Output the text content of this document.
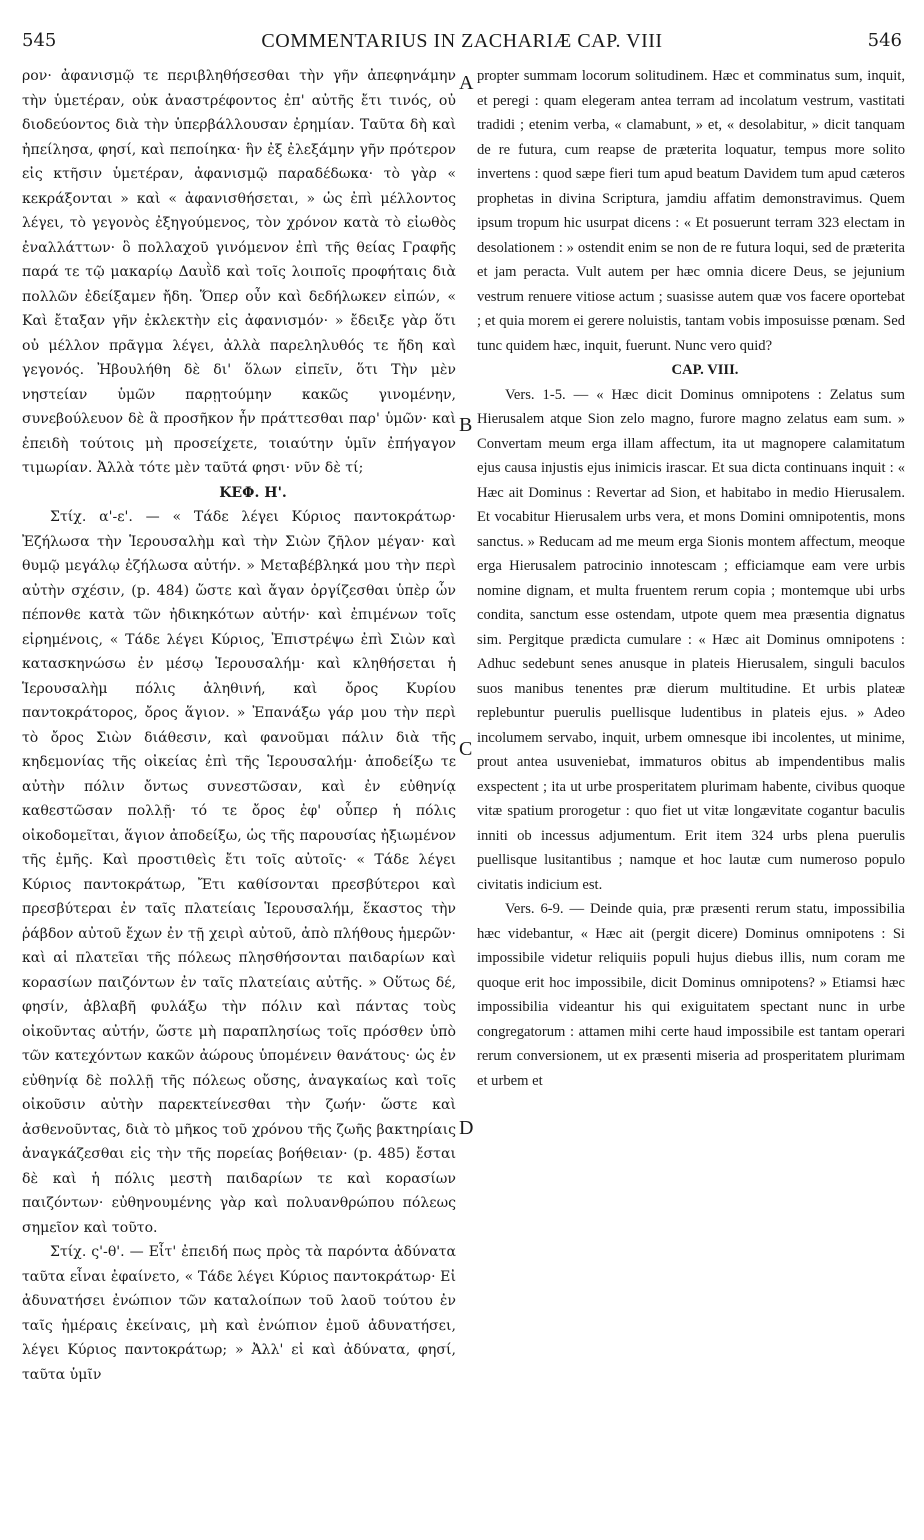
545	COMMENTARIUS IN ZACHARIÆ CAP. VIII	546

ρον· ἀφανισμῷ τε περιβληθήσεσθαι τὴν γῆν ἀπεφηνάμην τὴν ὑμετέραν, οὐκ ἀναστρέφοντος ἐπ' αὐτῆς ἔτι τινός, οὐ διοδεύοντος διὰ τὴν ὑπερβάλλουσαν ἐρημίαν. Ταῦτα δὴ καὶ ἠπείλησα, φησί, καὶ πεποίηκα· ἣν ἐξ ἐλεξάμην γῆν πρότερον εἰς κτῆσιν ὑμετέραν, ἀφανισμῷ παραδέδωκα· τὸ γὰρ « κεκράξονται » καὶ « ἀφανισθήσεται, » ὡς ἐπὶ μέλλοντος λέγει, τὸ γεγονὸς ἐξηγούμενος, τὸν χρόνον κατὰ τὸ εἰωθὸς ἐναλλάττων· ὃ πολλαχοῦ γινόμενον ἐπὶ τῆς θείας Γραφῆς παρά τε τῷ μακαρίῳ Δαυῒδ καὶ τοῖς λοιποῖς προφήταις διὰ πολλῶν ἐδείξαμεν ἤδη. Ὅπερ οὖν καὶ δεδήλωκεν εἰπών, « Καὶ ἔταξαν γῆν ἐκλεκτὴν εἰς ἀφανισμόν· » ἔδειξε γὰρ ὅτι οὐ μέλλον πρᾶγμα λέγει, ἀλλὰ παρεληλυθός τε ἤδη καὶ γεγονός. Ἠβουλήθη δὲ δι' ὅλων εἰπεῖν, ὅτι Τὴν μὲν νηστείαν ὑμῶν παρῃτούμην κακῶς γινομένην, συνεβούλευον δὲ ἃ προσῆκον ἦν πράττεσθαι παρ' ὑμῶν· καὶ ἐπειδὴ τούτοις μὴ προσείχετε, τοιαύτην ὑμῖν ἐπήγαγον τιμωρίαν. Ἀλλὰ τότε μὲν ταῦτά φησι· νῦν δὲ τί;

ΚΕΦ. Η'.

Στίχ. α'-ε'. — « Τάδε λέγει Κύριος παντοκράτωρ· Ἐζήλωσα τὴν Ἱερουσαλὴμ καὶ τὴν Σιὼν ζῆλον μέγαν· καὶ θυμῷ μεγάλῳ ἐζήλωσα αὐτήν. » Μεταβέβληκά μου τὴν περὶ αὐτὴν σχέσιν, (p. 484) ὥστε καὶ ἄγαν ὀργίζεσθαι ὑπὲρ ὧν πέπονθε κατὰ τῶν ἠδικηκότων αὐτήν· καὶ ἐπιμένων τοῖς εἰρημένοις, « Τάδε λέγει Κύριος, Ἐπιστρέψω ἐπὶ Σιὼν καὶ κατασκηνώσω ἐν μέσῳ Ἱερουσαλήμ· καὶ κληθήσεται ἡ Ἱερουσαλὴμ πόλις ἀληθινή, καὶ ὄρος Κυρίου παντοκράτορος, ὄρος ἅγιον. » Ἐπανάξω γάρ μου τὴν περὶ τὸ ὄρος Σιὼν διάθεσιν, καὶ φανοῦμαι πάλιν διὰ τῆς κηδεμονίας τῆς οἰκείας ἐπὶ τῆς Ἱερουσαλήμ· ἀποδείξω τε αὐτὴν πόλιν ὄντως συνεστῶσαν, καὶ ἐν εὐθηνίᾳ καθεστῶσαν πολλῇ· τό τε ὄρος ἐφ' οὗπερ ἡ πόλις οἰκοδομεῖται, ἅγιον ἀποδείξω, ὡς τῆς παρουσίας ἠξιωμένον τῆς ἐμῆς. Καὶ προστιθεὶς ἔτι τοῖς αὐτοῖς· « Τάδε λέγει Κύριος παντοκράτωρ, Ἔτι καθίσονται πρεσβύτεροι καὶ πρεσβύτεραι ἐν ταῖς πλατείαις Ἱερουσαλήμ, ἕκαστος τὴν ῥάβδον αὐτοῦ ἔχων ἐν τῇ χειρὶ αὐτοῦ, ἀπὸ πλήθους ἡμερῶν· καὶ αἱ πλατεῖαι τῆς πόλεως πλησθήσονται παιδαρίων καὶ κορασίων παιζόντων ἐν ταῖς πλατείαις αὐτῆς. » Οὕτως δέ, φησίν, ἀβλαβῆ φυλάξω τὴν πόλιν καὶ πάντας τοὺς οἰκοῦντας αὐτήν, ὥστε μὴ παραπλησίως τοῖς πρόσθεν ὑπὸ τῶν κατεχόντων κακῶν ἀώρους ὑπομένειν θανάτους· ὡς ἐν εὐθηνίᾳ δὲ πολλῇ τῆς πόλεως οὔσης, ἀναγκαίως καὶ τοῖς οἰκοῦσιν αὐτὴν παρεκτείνεσθαι τὴν ζωήν· ὥστε καὶ ἀσθενοῦντας, διὰ τὸ μῆκος τοῦ χρόνου τῆς ζωῆς βακτηρίαις ἀναγκάζεσθαι εἰς τὴν τῆς πορείας βοήθειαν· (p. 485) ἔσται δὲ καὶ ἡ πόλις μεστὴ παιδαρίων τε καὶ κορασίων παιζόντων· εὐθηνουμένης γὰρ καὶ πολυανθρώπου πόλεως σημεῖον καὶ τοῦτο.

Στίχ. ς'-θ'. — Εἶτ' ἐπειδή πως πρὸς τὰ παρόντα ἀδύνατα ταῦτα εἶναι ἐφαίνετο, « Τάδε λέγει Κύριος παντοκράτωρ· Εἰ ἀδυνατήσει ἐνώπιον τῶν καταλοίπων τοῦ λαοῦ τούτου ἐν ταῖς ἡμέραις ἐκείναις, μὴ καὶ ἐνώπιον ἐμοῦ ἀδυνατήσει, λέγει Κύριος παντοκράτωρ; » Ἀλλ' εἰ καὶ ἀδύνατα, φησί, ταῦτα ὑμῖν

propter summam locorum solitudinem. Hæc et comminatus sum, inquit, et peregi : quam elegeram antea terram ad incolatum vestrum, vastitati tradidi ; etenim verba, « clamabunt, » et, « desolabitur, » dicit tanquam de re futura, cum reapse de præterita loquatur, tempus more solito invertens : quod sæpe fieri tum apud beatum Davidem tum apud cæteros prophetas in divina Scriptura, jamdiu affatim demonstravimus. Quem ipsum tropum hic usurpat dicens : « Et posuerunt terram 323 electam in desolationem : » ostendit enim se non de re futura loqui, sed de præterita et jam peracta. Vult autem per hæc omnia dicere Deus, se jejunium vestrum renuere vitiose actum ; suasisse autem quæ vos facere oportebat ; et quia morem ei gerere noluistis, tantam vobis imposuisse pœnam. Sed tunc quidem hæc, inquit, fuerunt. Nunc vero quid?

CAP. VIII.

Vers. 1-5. — « Hæc dicit Dominus omnipotens : Zelatus sum Hierusalem atque Sion zelo magno, furore magno zelatus eam sum. » Convertam meum erga illam affectum, ita ut magnopere calamitatum ejus causa injustis ejus inimicis irascar. Et sua dicta continuans inquit : « Hæc ait Dominus : Revertar ad Sion, et habitabo in medio Hierusalem. Et vocabitur Hierusalem urbs vera, et mons Domini omnipotentis, mons sanctus. » Reducam ad me meum erga Sionis montem affectum, meoque erga Hierusalem patrocinio innotescam ; efficiamque eam vere urbis nomine dignam, et multa fruentem rerum copia ; montemque ubi urbs condita, sanctum esse ostendam, utpote quem mea præsentia dignatus sim. Pergitque prædicta cumulare : « Hæc ait Dominus omnipotens : Adhuc sedebunt senes anusque in plateis Hierusalem, singuli baculos suos manibus tenentes præ dierum multitudine. Et urbis plateæ replebuntur puerulis puellisque ludentibus in plateis ejus. » Adeo incolumem servabo, inquit, urbem omnesque ibi incolentes, ut minime, prout antea usuveniebat, immaturos obitus ab impendentibus malis exspectent ; ita ut urbe prosperitatem plurimam habente, civibus quoque vitæ spatium prorogetur : quo fiet ut vitæ longævitate cogantur baculis inniti ob incessus adjumentum. Erit item 324 urbs plena puerulis puellisque lusitantibus ; namque et hoc lautæ cum numeroso populo civitatis indicium est.

Vers. 6-9. — Deinde quia, præ præsenti rerum statu, impossibilia hæc videbantur, « Hæc ait (pergit dicere) Dominus omnipotens : Si impossibile videtur reliquiis populi hujus diebus illis, num coram me quoque erit hoc impossibile, dicit Dominus omnipotens? » Etiamsi hæc impossibilia videantur his qui exiguitatem spectant nunc in urbe congregatorum : attamen mihi certe haud impossibile est tantam operari rerum conversionem, ut ex præsenti miseria ad prosperitatem plurimam et urbem et

A
B
C
D
